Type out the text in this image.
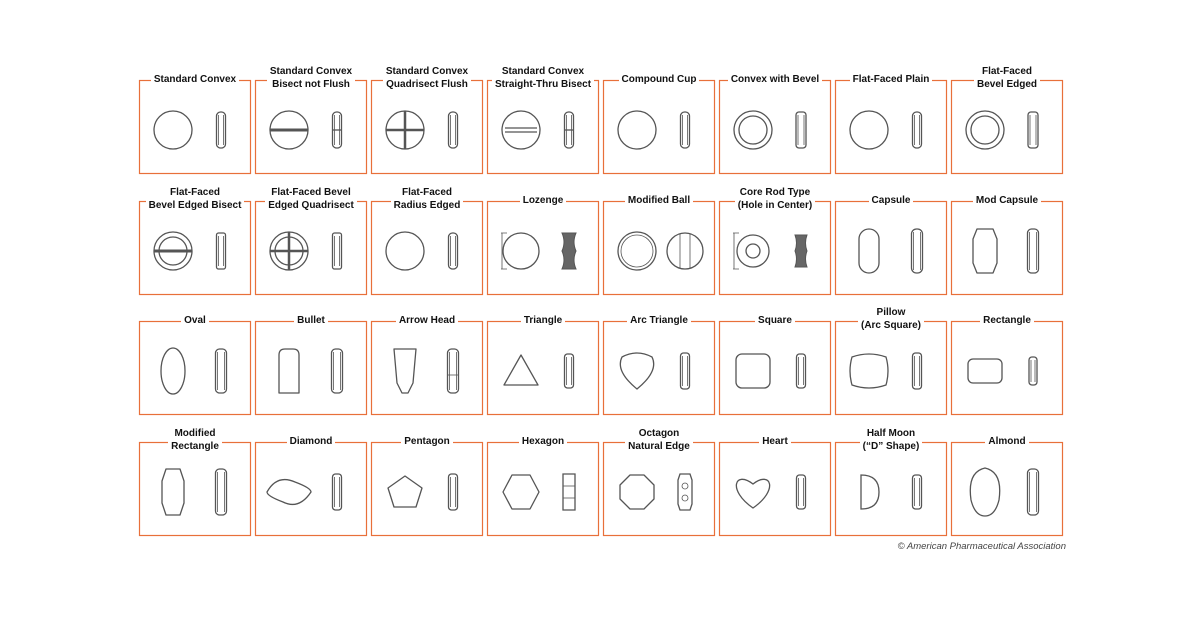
Standard Convex
Standard Convex
Bisect not Flush
Standard Convex
Quadrisect Flush
Standard Convex
Straight-Thru Bisect	Compound Cup	Convex with Bevel	Flat-Faced Plain
Flat-Faced
Bevel Edged
Flat-Faced
Bevel Edged Bisect
Flat-Faced Bevel
Edged Quadrisect
Flat-Faced
Radius Edged	Lozenge	Modified Ball
Core Rod Type
(Hole in Center)	Capsule	Mod Capsule
Oval	Bullet	Arrow Head	Triangle	Arc Triangle	Square
Pillow
(Arc Square)	Rectangle
Modified
Rectangle	Diamond	Pentagon	Hexagon
Octagon
Natural Edge	Heart
Half Moon
(“D” Shape)	Almond
© American Pharmaceutical Association
